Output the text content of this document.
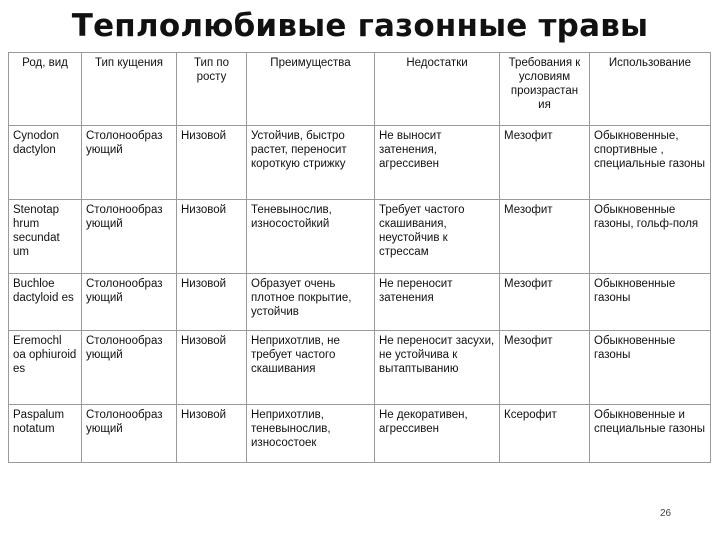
Теплолюбивые газонные травы
Род, вид	Тип кущения	Тип по росту	Преимущества	Недостатки	Требования к условиям произрастан ия	Использование
Cynodon dactylon	Столонообраз ующий	Низовой	Устойчив, быстро растет, переносит короткую стрижку	Не выносит затенения, агрессивен	Мезофит	Обыкновенные, спортивные , специальные газоны
Stenotap hrum secundat um	Столонообраз ующий	Низовой	Теневынослив, износостойкий	Требует частого скашивания, неустойчив к стрессам	Мезофит	Обыкновенные газоны, гольф-поля
Buchloe dactyloid es	Столонообраз ующий	Низовой	Образует очень плотное покрытие, устойчив	Не переносит затенения	Мезофит	Обыкновенные газоны
Eremochl oa ophiuroid es	Столонообраз ующий	Низовой	Неприхотлив, не требует частого скашивания	Не переносит засухи, не устойчива к вытаптыванию	Мезофит	Обыкновенные газоны
Paspalum notatum	Столонообраз ующий	Низовой	Неприхотлив, теневынослив, износостоек	Не декоративен, агрессивен	Ксерофит	Обыкновенные и специальные газоны
26
